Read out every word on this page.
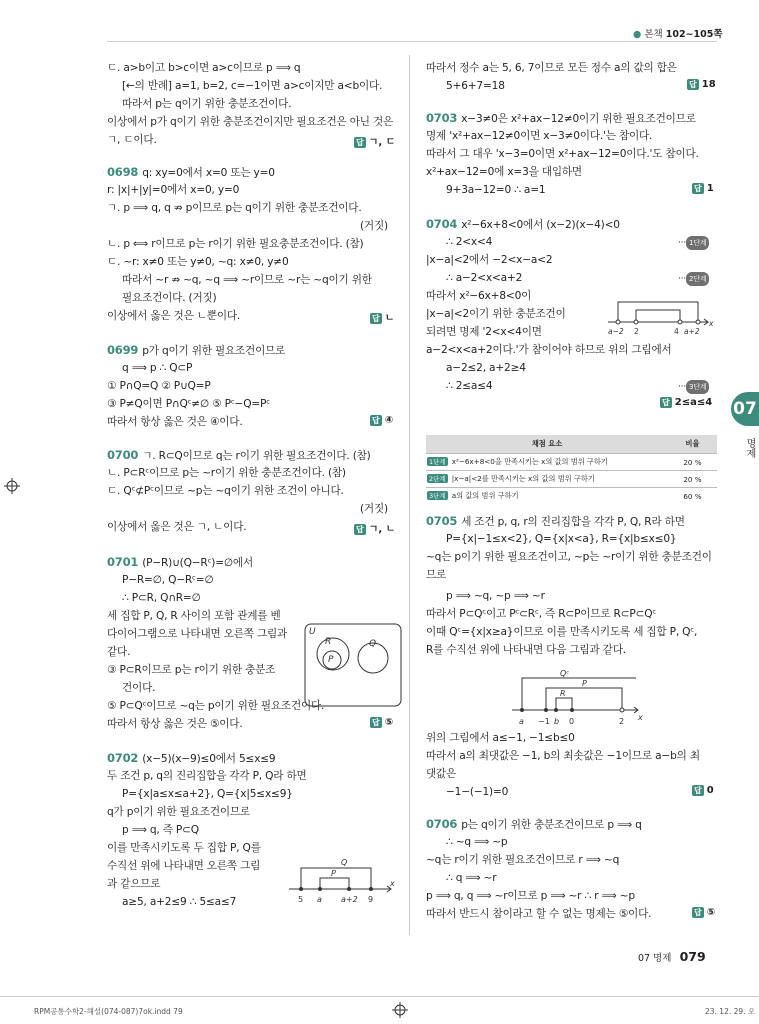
● 본책 102~105쪽
ㄷ. a>b이고 b>c이면 a>c이므로 p ⟹ q
[←의 반례] a=1, b=2, c=−1이면 a>c이지만 a<b이다.
따라서 p는 q이기 위한 충분조건이다.
이상에서 p가 q이기 위한 충분조건이지만 필요조건은 아닌 것은
ㄱ, ㄷ이다.
0698 q: xy=0에서 x=0 또는 y=0
r: |x|+|y|=0에서 x=0, y=0
ㄱ. p ⟹ q, q ⇏ p이므로 p는 q이기 위한 충분조건이다.
(거짓)
ㄴ. p ⟺ r이므로 p는 r이기 위한 필요충분조건이다. (참)
ㄷ. ~r: x≠0 또는 y≠0, ~q: x≠0, y≠0
따라서 ~r ⇏ ~q, ~q ⟹ ~r이므로 ~r는 ~q이기 위한
필요조건이다. (거짓)
이상에서 옳은 것은 ㄴ뿐이다.
0699 p가 q이기 위한 필요조건이므로
q ⟹ p ∴ Q⊂P
① P∩Q=Q ② P∪Q=P
③ P≠Q이면 P∩Qᶜ≠∅ ⑤ Pᶜ−Q=Pᶜ
따라서 항상 옳은 것은 ④이다.
0700 ㄱ. R⊂Q이므로 q는 r이기 위한 필요조건이다. (참)
ㄴ. P⊂Rᶜ이므로 p는 ~r이기 위한 충분조건이다. (참)
ㄷ. Qᶜ⊄Pᶜ이므로 ~p는 ~q이기 위한 조건이 아니다.
(거짓)
이상에서 옳은 것은 ㄱ, ㄴ이다.
0701 (P−R)∪(Q−Rᶜ)=∅에서
P−R=∅, Q−Rᶜ=∅
∴ P⊂R, Q∩R=∅
세 집합 P, Q, R 사이의 포함 관계를 벤
다이어그램으로 나타내면 오른쪽 그림과
같다.
③ P⊂R이므로 p는 r이기 위한 충분조
건이다.
⑤ P⊂Qᶜ이므로 ~q는 p이기 위한 필요조건이다.
따라서 항상 옳은 것은 ⑤이다.
0702 (x−5)(x−9)≤0에서 5≤x≤9
두 조건 p, q의 진리집합을 각각 P, Q라 하면
P={x|a≤x≤a+2}, Q={x|5≤x≤9}
q가 p이기 위한 필요조건이므로
p ⟹ q, 즉 P⊂Q
이를 만족시키도록 두 집합 P, Q를
수직선 위에 나타내면 오른쪽 그림
과 같으므로
a≥5, a+2≤9 ∴ 5≤a≤7
따라서 정수 a는 5, 6, 7이므로 모든 정수 a의 값의 합은
5+6+7=18
0703 x−3≠0은 x²+ax−12≠0이기 위한 필요조건이므로
명제 'x²+ax−12≠0이면 x−3≠0이다.'는 참이다.
따라서 그 대우 'x−3=0이면 x²+ax−12=0이다.'도 참이다.
x²+ax−12=0에 x=3을 대입하면
9+3a−12=0 ∴ a=1
0704 x²−6x+8<0에서 (x−2)(x−4)<0
∴ 2<x<4
|x−a|<2에서 −2<x−a<2
∴ a−2<x<a+2
따라서 x²−6x+8<0이
|x−a|<2이기 위한 충분조건이
되려면 명제 '2<x<4이면
a−2<x<a+2이다.'가 참이어야 하므로 위의 그림에서
a−2≤2, a+2≥4
∴ 2≤a≤4
0705 세 조건 p, q, r의 진리집합을 각각 P, Q, R라 하면
P={x|−1≤x<2}, Q={x|x<a}, R={x|b≤x≤0}
~q는 p이기 위한 필요조건이고, ~p는 ~r이기 위한 충분조건이
므로
p ⟹ ~q, ~p ⟹ ~r
따라서 P⊂Qᶜ이고 Pᶜ⊂Rᶜ, 즉 R⊂P이므로 R⊂P⊂Qᶜ
이때 Qᶜ={x|x≥a}이므로 이를 만족시키도록 세 집합 P, Qᶜ,
R를 수직선 위에 나타내면 다음 그림과 같다.
위의 그림에서 a≤−1, −1≤b≤0
따라서 a의 최댓값은 −1, b의 최솟값은 −1이므로 a−b의 최
댓값은
−1−(−1)=0
0706 p는 q이기 위한 충분조건이므로 p ⟹ q
∴ ~q ⟹ ~p
~q는 r이기 위한 필요조건이므로 r ⟹ ~q
∴ q ⟹ ~r
p ⟹ q, q ⟹ ~r이므로 p ⟹ ~r ∴ r ⟹ ~p
따라서 반드시 참이라고 할 수 없는 명제는 ⑤이다.
답 ㄱ, ㄷ
답 ㄴ
답 ④
답 ㄱ, ㄴ
답 ⑤
답 18
답 1
답 2≤a≤4
답 0
답 ⑤
··· 1단계
··· 2단계
··· 3단계
U
R
P
Q
Q
P
5 a a+2 9
x
a−2 2	4 a+2
x
채점 요소	비율
1단계 x²−6x+8<0을 만족시키는 x의 값의 범위 구하기	20 %
2단계 |x−a|<2를 만족시키는 x의 값의 범위 구하기	20 %
3단계 a의 값의 범위 구하기	60 %
Qᶜ
P
R
a −1 b 0	2 x
07
명제
07 명제 079
RPM공통수학2-해설(074-087)7ok.indd 79	23. 12. 29. 오
